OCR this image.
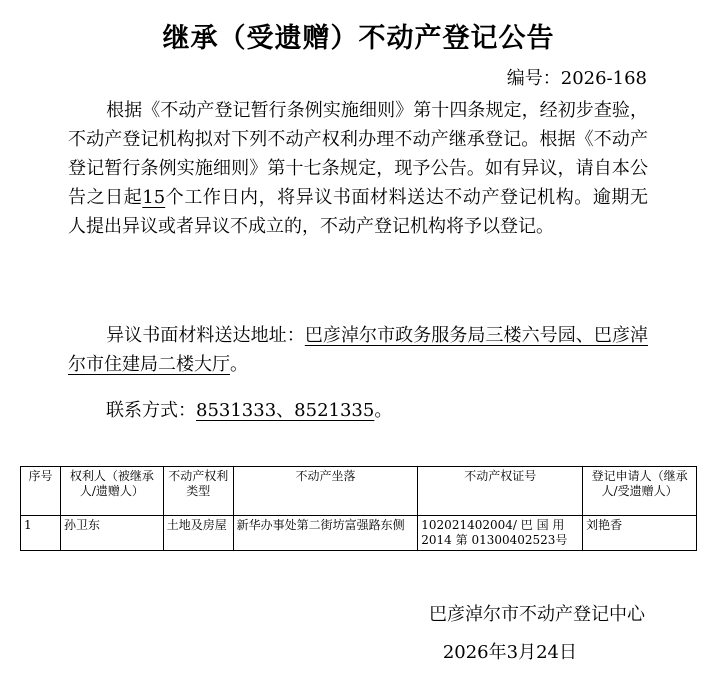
继承（受遗赠）不动产登记公告
编号：2026-168
根据《不动产登记暂行条例实施细则》第十四条规定，经初步查验，不动产登记机构拟对下列不动产权利办理不动产继承登记。根据《不动产登记暂行条例实施细则》第十七条规定，现予公告。如有异议，请自本公告之日起15个工作日内，将异议书面材料送达不动产登记机构。逾期无人提出异议或者异议不成立的，不动产登记机构将予以登记。
异议书面材料送达地址：巴彦淖尔市政务服务局三楼六号园、巴彦淖尔市住建局二楼大厅。
联系方式：8531333、8521335。
序号	权利人（被继承人/遗赠人）	不动产权利类型	不动产坐落	不动产权证号	登记申请人（继承人/受遗赠人）
1	孙卫东	土地及房屋	新华办事处第二街坊富强路东侧	102021402004/ 巴 国 用 2014 第 01300402523号	刘艳香
巴彦淖尔市不动产登记中心
2026年3月24日
